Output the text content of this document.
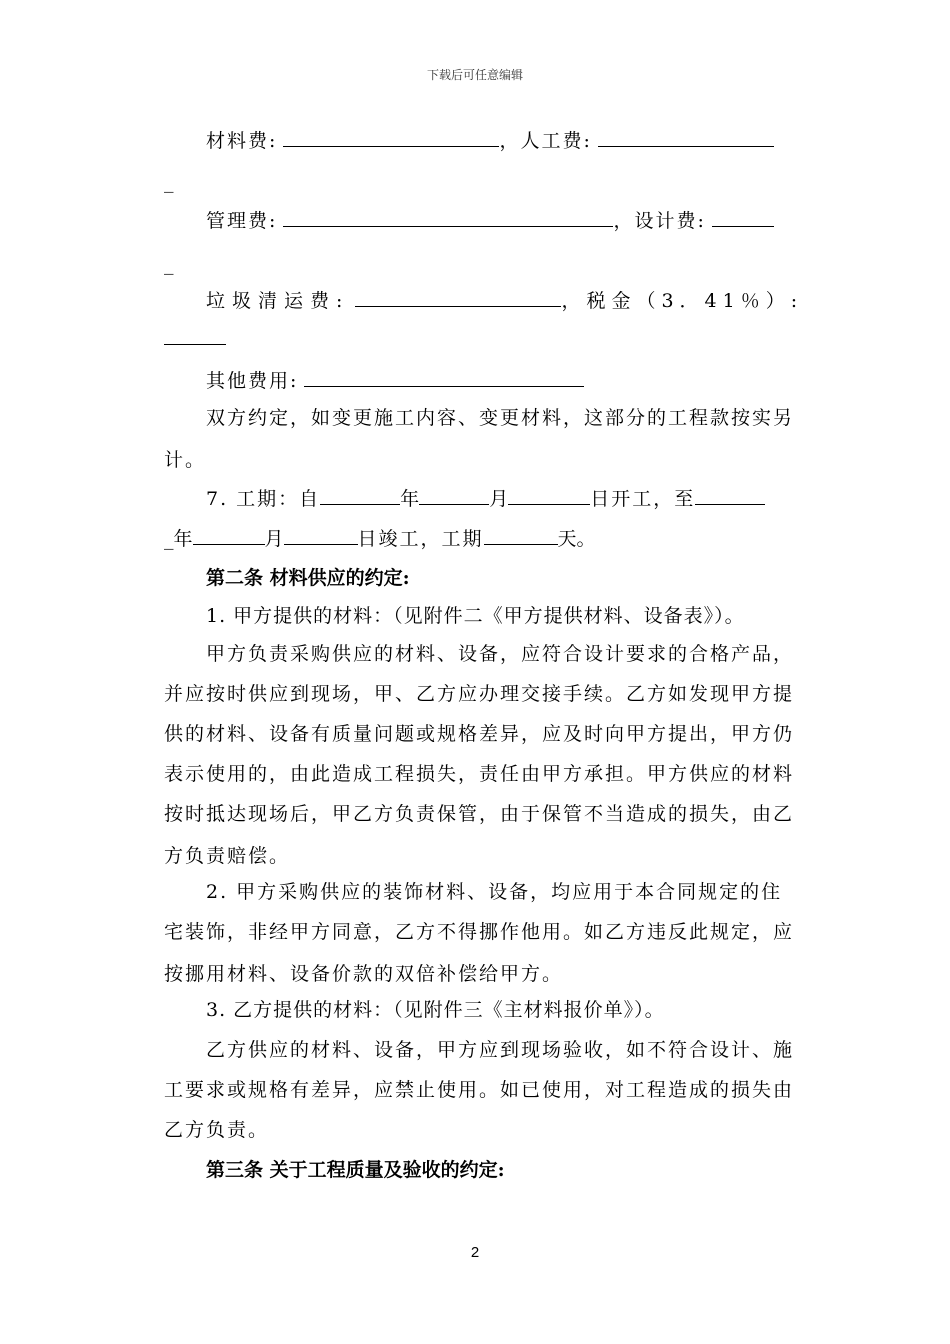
下载后可任意编辑
材料费:	，人工费:
_
管理费:	，设计费:
_
垃圾清运费:	，税金（3．41％）:
其他费用:
双方约定，如变更施工内容、变更材料，这部分的工程款按实另
计。
7. 工期：自	年	月	日开工，至
_年	月	日竣工，工期	天。
第二条 材料供应的约定:
1. 甲方提供的材料：（见附件二《甲方提供材料、设备表》）。
甲方负责采购供应的材料、设备，应符合设计要求的合格产品，
并应按时供应到现场，甲、乙方应办理交接手续。乙方如发现甲方提
供的材料、设备有质量问题或规格差异，应及时向甲方提出，甲方仍
表示使用的，由此造成工程损失，责任由甲方承担。甲方供应的材料
按时抵达现场后，甲乙方负责保管，由于保管不当造成的损失，由乙
方负责赔偿。
2. 甲方采购供应的装饰材料、设备，均应用于本合同规定的住
宅装饰，非经甲方同意，乙方不得挪作他用。如乙方违反此规定，应
按挪用材料、设备价款的双倍补偿给甲方。
3. 乙方提供的材料：（见附件三《主材料报价单》）。
乙方供应的材料、设备，甲方应到现场验收，如不符合设计、施
工要求或规格有差异，应禁止使用。如已使用，对工程造成的损失由
乙方负责。
第三条 关于工程质量及验收的约定:
2
